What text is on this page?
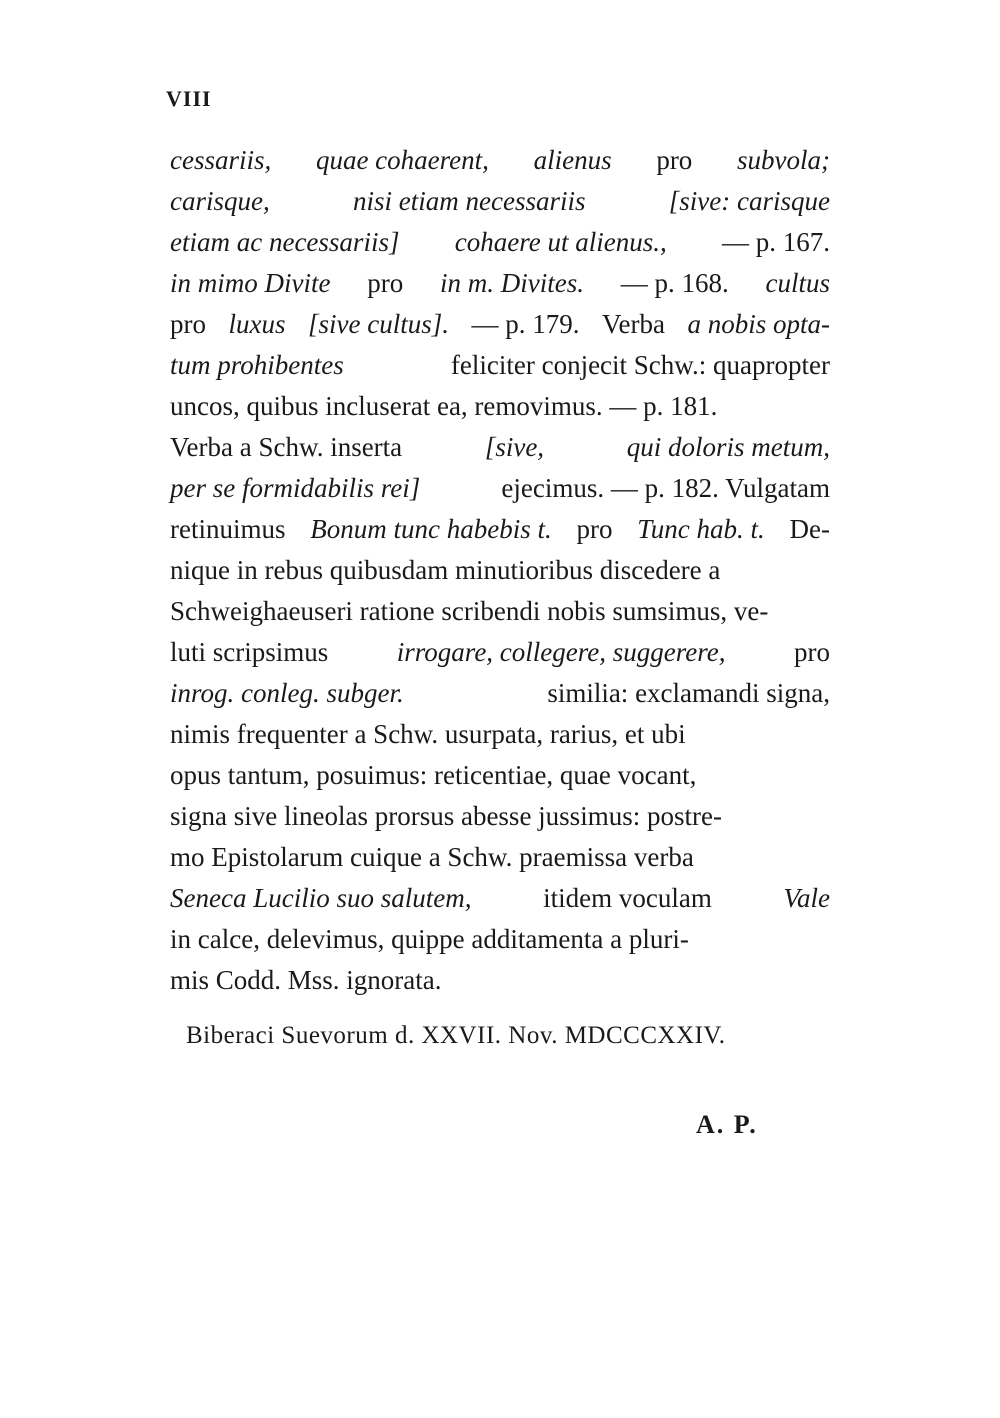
VIII
cessariis, quae cohaerent, alienus pro subvola;
carisque,	nisi etiam necessariis	[sive: carisque
etiam ac necessariis] cohaere ut alienus., — p. 167.
in mimo Divite pro in m. Divites. — p. 168. cultus
pro luxus [sive cultus]. — p. 179. Verba a nobis opta-
tum prohibentes	feliciter conjecit Schw.: quapropter
uncos, quibus incluserat ea, removimus. — p. 181.
Verba a Schw. inserta	[sive,	qui doloris metum,
per se formidabilis rei]	ejecimus. — p. 182. Vulgatam
retinuimus Bonum tunc habebis t. pro Tunc hab. t. De-
nique in rebus quibusdam minutioribus discedere a
Schweighaeuseri ratione scribendi nobis sumsimus, ve-
luti scripsimus	irrogare, collegere, suggerere,	pro
inrog. conleg. subger.	similia: exclamandi signa,
nimis frequenter a Schw. usurpata, rarius, et ubi
opus tantum, posuimus: reticentiae, quae vocant,
signa sive lineolas prorsus abesse jussimus: postre-
mo Epistolarum cuique a Schw. praemissa verba
Seneca Lucilio suo salutem,	itidem voculam	Vale
in calce, delevimus, quippe additamenta a pluri-
mis Codd. Mss. ignorata.
Biberaci Suevorum d. XXVII. Nov. MDCCCXXIV.
A. P.
